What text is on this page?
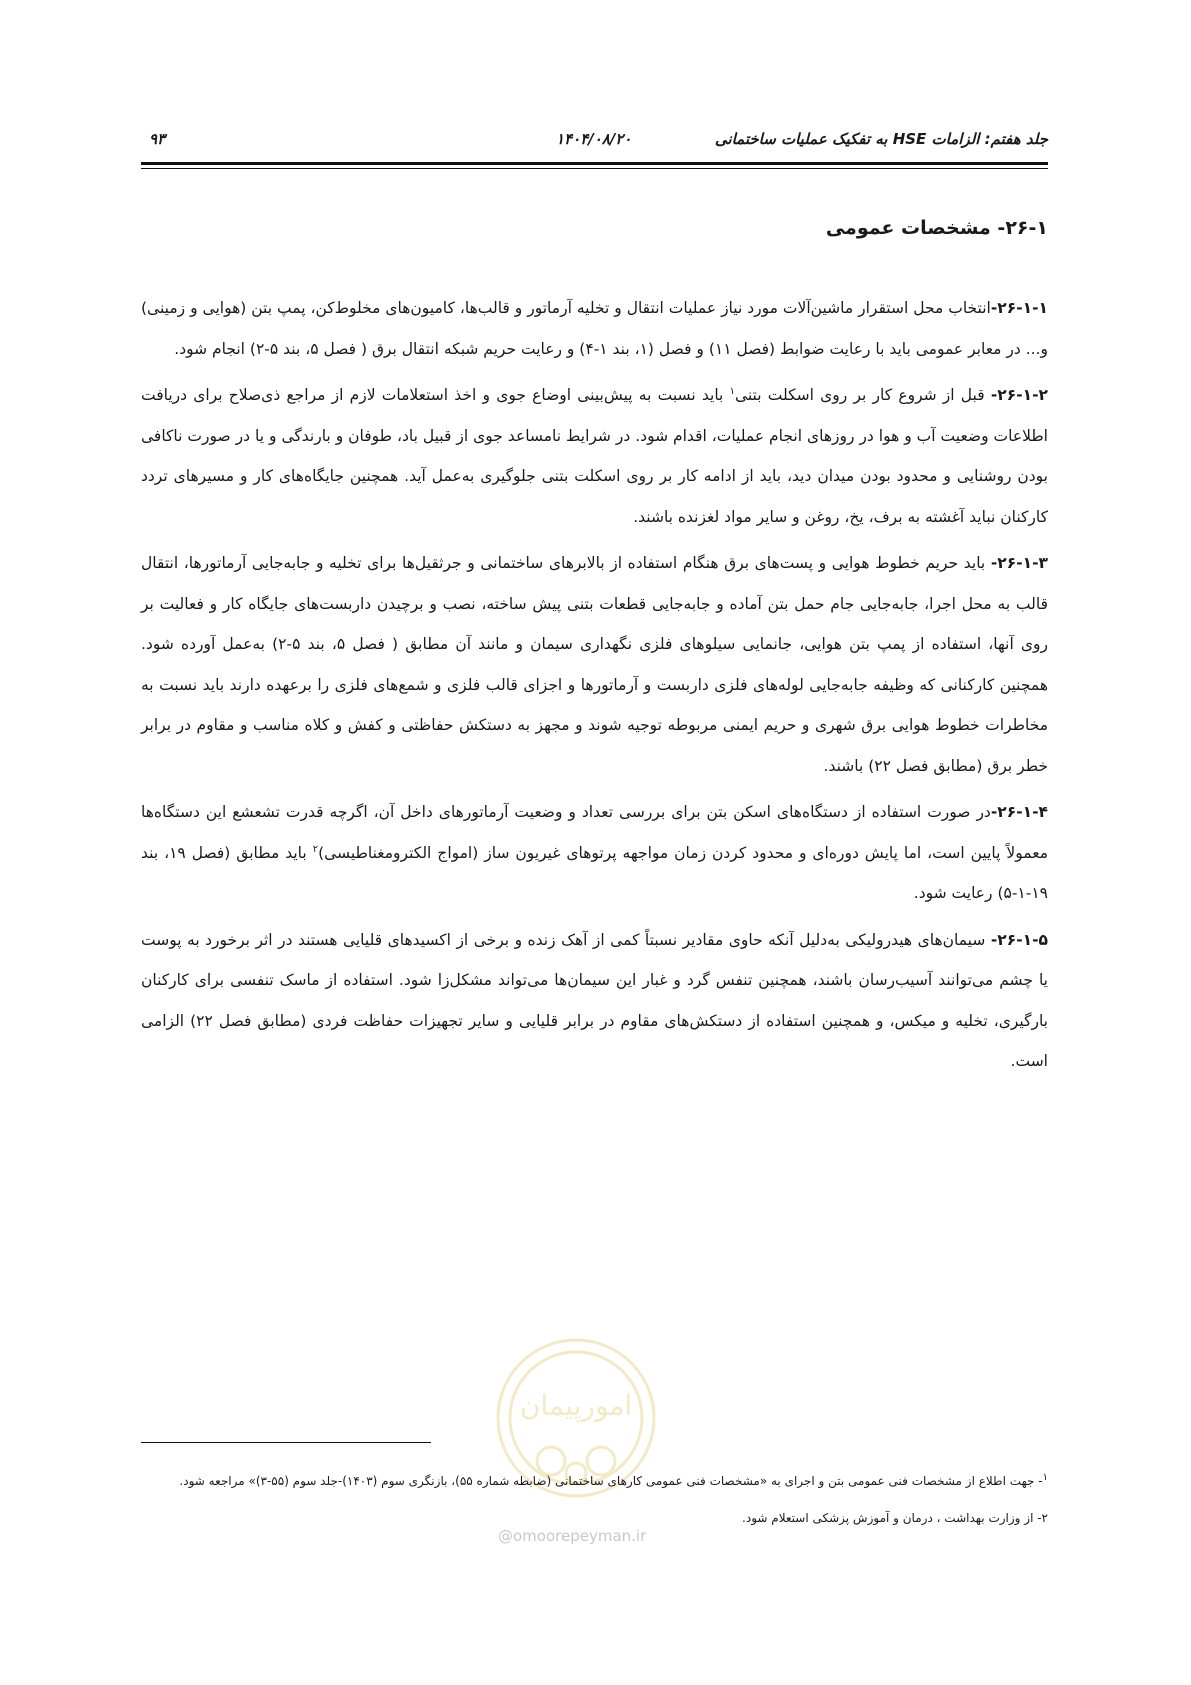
جلد هفتم: الزامات HSE به تفکیک عملیات ساختمانی
۱۴۰۴/۰۸/۲۰
۹۳
۲۶-۱- مشخصات عمومی

۲۶-۱-۱-انتخاب محل استقرار ماشین‌آلات مورد نیاز عملیات انتقال و تخلیه آرماتور و قالب‌ها، کامیون‌های مخلوط‌کن، پمپ بتن (هوایی و زمینی) و... در معابر عمومی باید با رعایت ضوابط (فصل ۱۱) و فصل (۱، بند ۱-۴) و رعایت حریم شبکه انتقال برق ( فصل ۵، بند ۵-۲) انجام شود.

۲۶-۱-۲- قبل از شروع کار بر روی اسکلت بتنی$^۱$ باید نسبت به پیش‌بینی اوضاع جوی و اخذ استعلامات لازم از مراجع ذی‌صلاح برای دریافت اطلاعات وضعیت آب و هوا در روزهای انجام عملیات، اقدام شود. در شرایط نامساعد جوی از قبیل باد، طوفان و بارندگی و یا در صورت ناکافی بودن روشنایی و محدود بودن میدان دید، باید از ادامه کار بر روی اسکلت بتنی جلوگیری به‌عمل آید. همچنین جایگاه‌های کار و مسیرهای تردد کارکنان نباید آغشته به برف، یخ، روغن و سایر مواد لغزنده باشند.

۲۶-۱-۳- باید حریم خطوط هوایی و پست‌های برق هنگام استفاده از بالابرهای ساختمانی و جرثقیل‌ها برای تخلیه و جابه‌جایی آرماتورها، انتقال قالب به محل اجرا، جابه‌جایی جام حمل بتن آماده و جابه‌جایی قطعات بتنی پیش ساخته، نصب و برچیدن داربست‌های جایگاه کار و فعالیت بر روی آنها، استفاده از پمپ بتن هوایی، جانمایی سیلوهای فلزی نگهداری سیمان و مانند آن مطابق ( فصل ۵، بند ۵-۲) به‌عمل آورده شود. همچنین کارکنانی که وظیفه جابه‌جایی لوله‌های فلزی داربست و آرماتورها و اجزای قالب فلزی و شمع‌های فلزی را برعهده دارند باید نسبت به مخاطرات خطوط هوایی برق شهری و حریم ایمنی مربوطه توجیه شوند و مجهز به دستکش حفاظتی و کفش و کلاه مناسب و مقاوم در برابر خطر برق (مطابق فصل ۲۲) باشند.

۲۶-۱-۴-در صورت استفاده از دستگاه‌های اسکن بتن برای بررسی تعداد و وضعیت آرماتورهای داخل آن، اگرچه قدرت تشعشع این دستگاه‌ها معمولاً پایین است، اما پایش دوره‌ای و محدود کردن زمان مواجهه پرتوهای غیریون ساز (امواج الکترومغناطیسی)$^۲$ باید مطابق (فصل ۱۹، بند ۱۹-۱-۵) رعایت شود.

۲۶-۱-۵- سیمان‌های هیدرولیکی به‌دلیل آنکه حاوی مقادیر نسبتاً کمی از آهک زنده و برخی از اکسیدهای قلیایی هستند در اثر برخورد به پوست یا چشم می‌توانند آسیب‌رسان باشند، همچنین تنفس گرد و غبار این سیمان‌ها می‌تواند مشکل‌زا شود. استفاده از ماسک تنفسی برای کارکنان بارگیری، تخلیه و میکس، و همچنین استفاده از دستکش‌های مقاوم در برابر قلیایی و سایر تجهیزات حفاظت فردی (مطابق فصل ۲۲) الزامی است.

امورپیمان
@omoorepeyman.ir

$^۱$- جهت اطلاع از مشخصات فنی عمومی بتن و اجرای به «مشخصات فنی عمومی کارهای ساختمانی (ضابطه شماره ۵۵)، بازنگری سوم (۱۴۰۳)-جلد سوم (۵۵-۳)» مراجعه شود.

۲- از وزارت بهداشت ، درمان و آموزش پزشکی استعلام شود.
